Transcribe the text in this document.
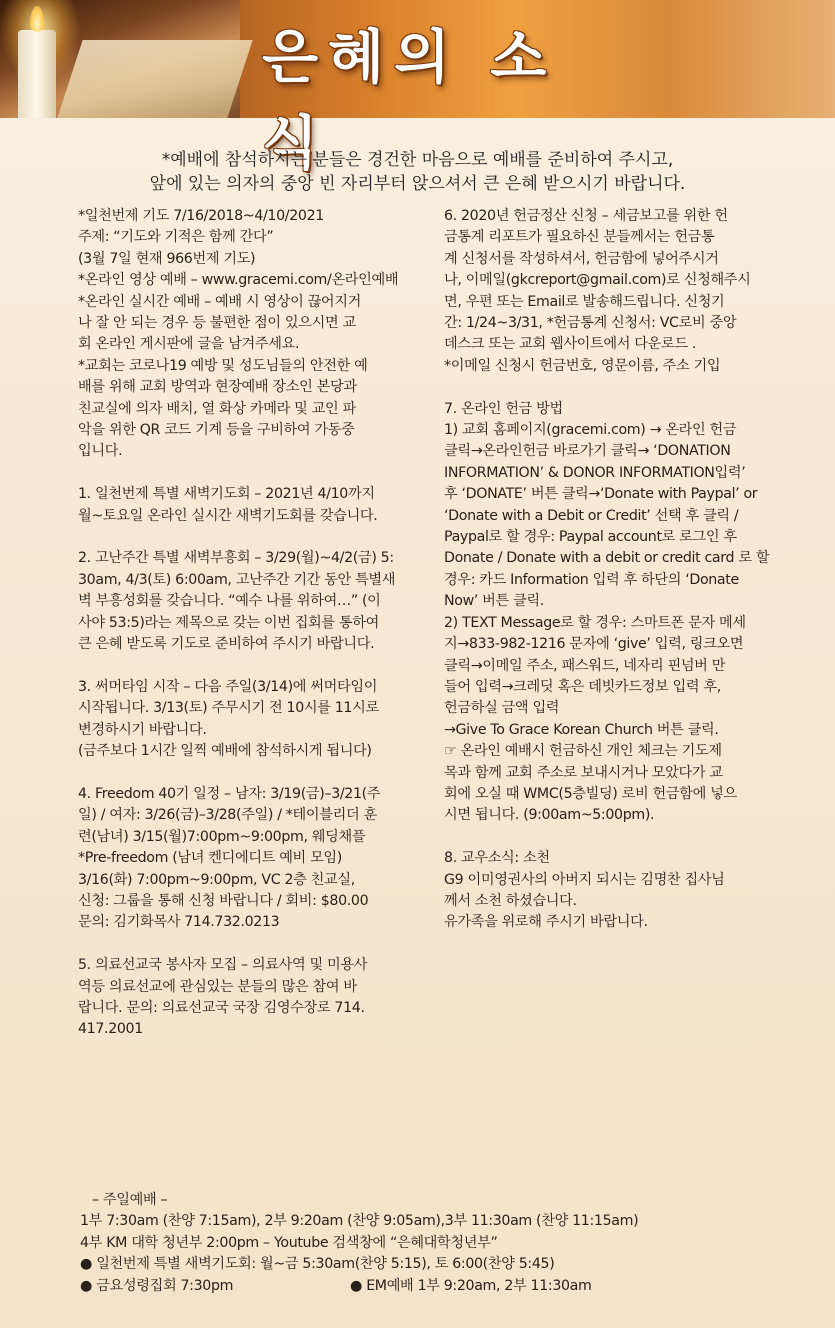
은혜의 소식

*예배에 참석하시는 분들은 경건한 마음으로 예배를 준비하여 주시고,

앞에 있는 의자의 중앙 빈 자리부터 앉으셔서 큰 은혜 받으시기 바랍니다.

*일천번제 기도 7/16/2018~4/10/2021
주제: “기도와 기적은 함께 간다”
(3월 7일 현재 966번제 기도)
*온라인 영상 예배 – www.gracemi.com/온라인예배
*온라인 실시간 예배 – 예배 시 영상이 끊어지거
나 잘 안 되는 경우 등 불편한 점이 있으시면 교
회 온라인 게시판에 글을 남겨주세요.
*교회는 코로나19 예방 및 성도님들의 안전한 예
배를 위해 교회 방역과 현장예배 장소인 본당과
친교실에 의자 배치, 열 화상 카메라 및 교인 파
악을 위한 QR 코드 기계 등을 구비하여 가동중
입니다.
1. 일천번제 특별 새벽기도회 – 2021년 4/10까지
월~토요일 온라인 실시간 새벽기도회를 갖습니다.
2. 고난주간 특별 새벽부흥회 – 3/29(월)~4/2(금) 5:
30am, 4/3(토) 6:00am, 고난주간 기간 동안 특별새
벽 부흥성회를 갖습니다. “예수 나를 위하여…” (이
사야 53:5)라는 제목으로 갖는 이번 집회를 통하여
큰 은혜 받도록 기도로 준비하여 주시기 바랍니다.
3. 써머타임 시작 – 다음 주일(3/14)에 써머타임이
시작됩니다. 3/13(토) 주무시기 전 10시를 11시로
변경하시기 바랍니다.
(금주보다 1시간 일찍 예배에 참석하시게 됩니다)
4. Freedom 40기 일정 – 남자: 3/19(금)–3/21(주
일) / 여자: 3/26(금)–3/28(주일) / *테이블리더 훈
련(남녀) 3/15(월)7:00pm~9:00pm, 웨딩채플
*Pre-freedom (남녀 켄디에디트 예비 모임)
3/16(화) 7:00pm~9:00pm, VC 2층 친교실,
신청: 그룹을 통해 신청 바랍니다 / 회비: $80.00
문의: 김기화목사 714.732.0213
5. 의료선교국 봉사자 모집 – 의료사역 및 미용사
역등 의료선교에 관심있는 분들의 많은 참여 바
랍니다. 문의: 의료선교국 국장 김영수장로 714.
417.2001
6. 2020년 헌금정산 신청 – 세금보고를 위한 헌
금통계 리포트가 필요하신 분들께서는 헌금통
계 신청서를 작성하셔서, 헌금함에 넣어주시거
나, 이메일(gkcreport@gmail.com)로 신청해주시
면, 우편 또는 Email로 발송해드립니다. 신청기
간: 1/24~3/31, *헌금통계 신청서: VC로비 중앙
데스크 또는 교회 웹사이트에서 다운로드 .
*이메일 신청시 헌금번호, 영문이름, 주소 기입
7. 온라인 헌금 방법
1) 교회 홈페이지(gracemi.com) → 온라인 헌금
클릭→온라인헌금 바로가기 클릭→ ‘DONATION
INFORMATION’ & DONOR INFORMATION입력’
후 ‘DONATE’ 버튼 클릭→‘Donate with Paypal’ or
‘Donate with a Debit or Credit’ 선택 후 클릭 /
Paypal로 할 경우: Paypal account로 로그인 후
Donate / Donate with a debit or credit card 로 할
경우: 카드 Information 입력 후 하단의 ‘Donate
Now’ 버튼 클릭.
2) TEXT Message로 할 경우: 스마트폰 문자 메세
지→833-982-1216 문자에 ‘give’ 입력, 링크오면
클릭→이메일 주소, 패스워드, 네자리 핀넘버 만
들어 입력→크레딧 혹은 데빗카드정보 입력 후,
헌금하실 금액 입력
→Give To Grace Korean Church 버튼 클릭.
☞ 온라인 예배시 헌금하신 개인 체크는 기도제
목과 함께 교회 주소로 보내시거나 모았다가 교
회에 오실 때 WMC(5층빌딩) 로비 헌금함에 넣으
시면 됩니다. (9:00am~5:00pm).
8. 교우소식: 소천
G9 이미영권사의 아버지 되시는 김명찬 집사님
께서 소천 하셨습니다.
유가족을 위로해 주시기 바랍니다.
– 주일예배 –
1부 7:30am (찬양 7:15am), 2부 9:20am (찬양 9:05am),3부 11:30am (찬양 11:15am)
4부 KM 대학 청년부 2:00pm – Youtube 검색창에 “은혜대학청년부”
● 일천번제 특별 새벽기도회: 월~금 5:30am(찬양 5:15), 토 6:00(찬양 5:45)
● 금요성령집회 7:30pm	● EM예배 1부 9:20am, 2부 11:30am
